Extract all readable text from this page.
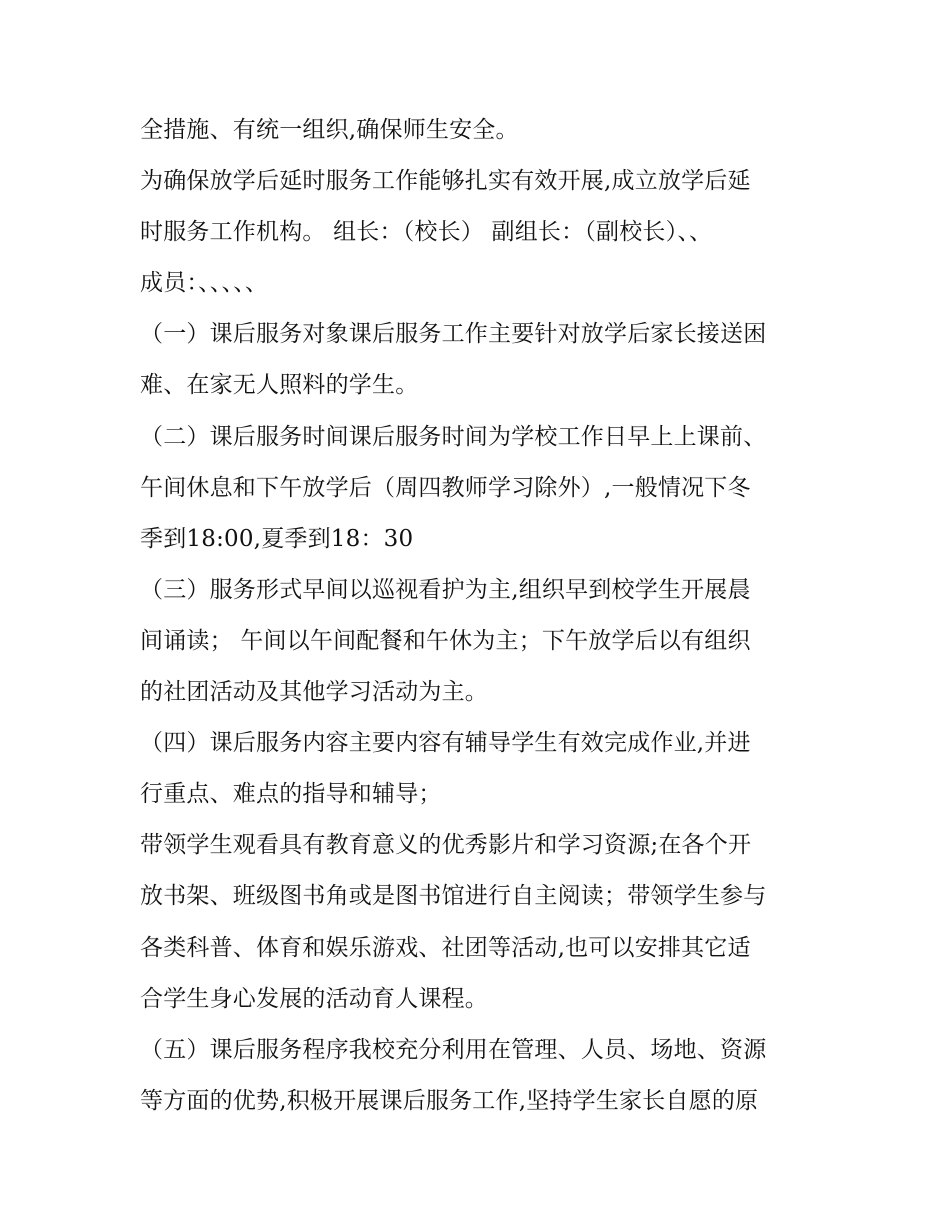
全措施、有统一组织,确保师生安全。
为确保放学后延时服务工作能够扎实有效开展,成立放学后延
时服务工作机构。 组长：（校长） 副组长：（副校长）、、
成员：、、、、、
（一）课后服务对象课后服务工作主要针对放学后家长接送困
难、在家无人照料的学生。
（二）课后服务时间课后服务时间为学校工作日早上上课前、
午间休息和下午放学后（周四教师学习除外）,一般情况下冬
季到18:00,夏季到18：30
（三）服务形式早间以巡视看护为主,组织早到校学生开展晨
间诵读； 午间以午间配餐和午休为主；下午放学后以有组织
的社团活动及其他学习活动为主。
（四）课后服务内容主要内容有辅导学生有效完成作业,并进
行重点、难点的指导和辅导；
带领学生观看具有教育意义的优秀影片和学习资源;在各个开
放书架、班级图书角或是图书馆进行自主阅读；带领学生参与
各类科普、体育和娱乐游戏、社团等活动,也可以安排其它适
合学生身心发展的活动育人课程。
（五）课后服务程序我校充分利用在管理、人员、场地、资源
等方面的优势,积极开展课后服务工作,坚持学生家长自愿的原
